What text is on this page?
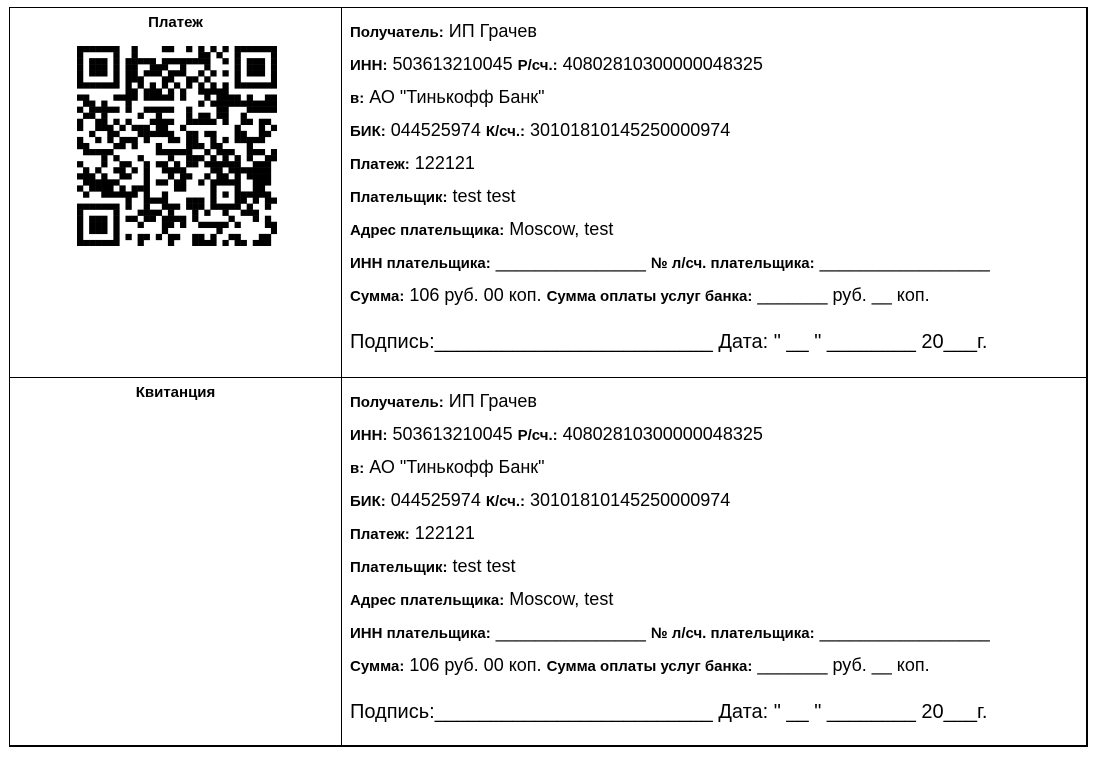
Платеж
Получатель: ИП Грачев
ИНН: 503613210045 Р/сч.: 40802810300000048325
в: АО "Тинькофф Банк"
БИК: 044525974 К/сч.: 30101810145250000974
Платеж: 122121
Плательщик: test test
Адрес плательщика: Moscow, test
ИНН плательщика: _______________ № л/сч. плательщика: _________________
Сумма: 106 руб. 00 коп. Сумма оплаты услуг банка: _______ руб. __ коп.
Подпись:_________________________ Дата: " __ " ________ 20___г.
Квитанция
Получатель: ИП Грачев
ИНН: 503613210045 Р/сч.: 40802810300000048325
в: АО "Тинькофф Банк"
БИК: 044525974 К/сч.: 30101810145250000974
Платеж: 122121
Плательщик: test test
Адрес плательщика: Moscow, test
ИНН плательщика: _______________ № л/сч. плательщика: _________________
Сумма: 106 руб. 00 коп. Сумма оплаты услуг банка: _______ руб. __ коп.
Подпись:_________________________ Дата: " __ " ________ 20___г.
